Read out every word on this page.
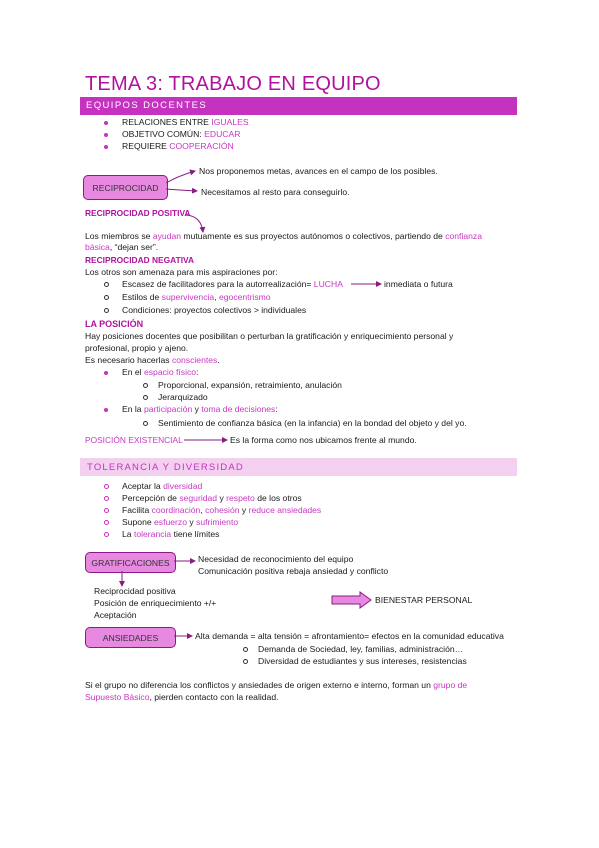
TEMA 3: TRABAJO EN EQUIPO
EQUIPOS DOCENTES
RELACIONES ENTRE IGUALES
OBJETIVO COMÚN: EDUCAR
REQUIERE COOPERACIÓN
RECIPROCIDAD
Nos proponemos metas, avances en el campo de los posibles.
Necesitamos al resto para conseguirlo.
RECIPROCIDAD POSITIVA
Los miembros se ayudan mutuamente es sus proyectos autónomos o colectivos, partiendo de confianza
básica, “dejan ser”.
RECIPROCIDAD NEGATIVA
Los otros son amenaza para mis aspiraciones por:
Escasez de facilitadores para la autorrealización= LUCHA	inmediata o futura
Estilos de supervivencia, egocentrismo
Condiciones: proyectos colectivos > individuales
LA POSICIÓN
Hay posiciones docentes que posibilitan o perturban la gratificación y enriquecimiento personal y
profesional, propio y ajeno.
Es necesario hacerlas conscientes.
En el espacio físico:
Proporcional, expansión, retraimiento, anulación
Jerarquizado
En la participación y toma de decisiones:
Sentimiento de confianza básica (en la infancia) en la bondad del objeto y del yo.
POSICIÓN EXISTENCIAL	Es la forma como nos ubicamos frente al mundo.
TOLERANCIA Y DIVERSIDAD
Aceptar la diversidad
Percepción de seguridad y respeto de los otros
Facilita coordinación, cohesión y reduce ansiedades
Supone esfuerzo y sufrimiento
La tolerancia tiene límites
GRATIFICACIONES	Necesidad de reconocimiento del equipo
Comunicación positiva rebaja ansiedad y conflicto
Reciprocidad positiva
Posición de enriquecimiento +/+
Aceptación
BIENESTAR PERSONAL
ANSIEDADES	Alta demanda = alta tensión = afrontamiento= efectos en la comunidad educativa
Demanda de Sociedad, ley, familias, administración…
Diversidad de estudiantes y sus intereses, resistencias
Si el grupo no diferencia los conflictos y ansiedades de origen externo e interno, forman un grupo de
Supuesto Básico, pierden contacto con la realidad.
